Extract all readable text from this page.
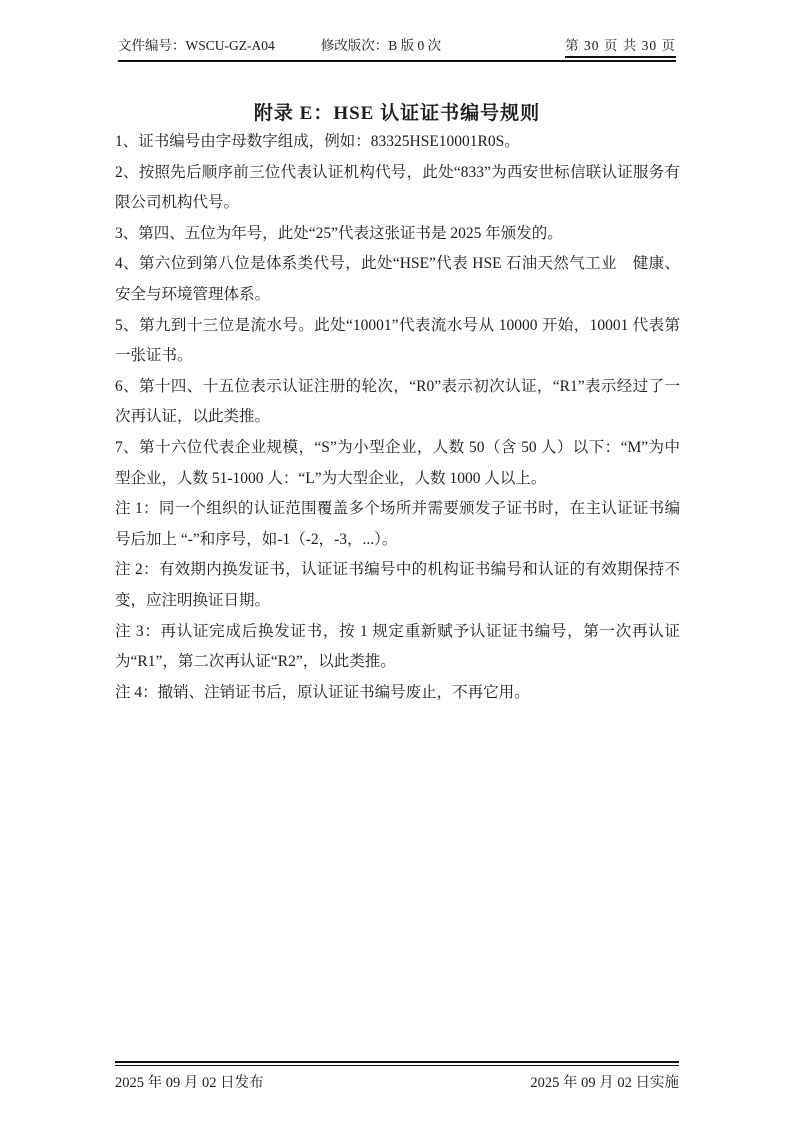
文件编号：WSCU-GZ-A04	修改版次：B 版 0 次	第 30 页 共 30 页
附录 E：HSE 认证证书编号规则

1、证书编号由字母数字组成，例如：83325HSE10001R0S。

2、按照先后顺序前三位代表认证机构代号，此处“833”为西安世标信联认证服务有限公司机构代号。

3、第四、五位为年号，此处“25”代表这张证书是 2025 年颁发的。

4、第六位到第八位是体系类代号，此处“HSE”代表 HSE 石油天然气工业　健康、安全与环境管理体系。

5、第九到十三位是流水号。此处“10001”代表流水号从 10000 开始，10001 代表第一张证书。

6、第十四、十五位表示认证注册的轮次，“R0”表示初次认证，“R1”表示经过了一次再认证，以此类推。

7、第十六位代表企业规模，“S”为小型企业，人数 50（含 50 人）以下：“M”为中型企业，人数 51-1000 人：“L”为大型企业，人数 1000 人以上。

注 1：同一个组织的认证范围覆盖多个场所并需要颁发子证书时，在主认证证书编号后加上 “-”和序号，如-1（-2，-3，...）。

注 2：有效期内换发证书，认证证书编号中的机构证书编号和认证的有效期保持不变，应注明换证日期。

注 3：再认证完成后换发证书，按 1 规定重新赋予认证证书编号，第一次再认证为“R1”，第二次再认证“R2”，以此类推。

注 4：撤销、注销证书后，原认证证书编号废止，不再它用。

2025 年 09 月 02 日发布	2025 年 09 月 02 日实施
